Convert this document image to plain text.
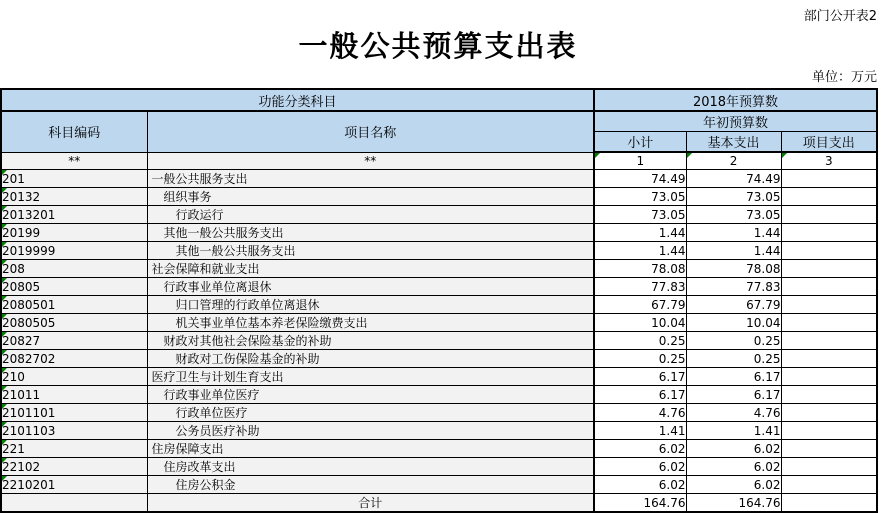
部门公开表2
一般公共预算支出表
单位：万元
功能分类科目		2018年预算数		
科目编码	项目名称	年初预算数		
		小计	基本支出	项目支出
**	**	1	2	3

201	一般公共服务支出	74.49	74.49	

20132	组织事务	73.05	73.05	

2013201	行政运行	73.05	73.05	

20199	其他一般公共服务支出	1.44	1.44	

2019999	其他一般公共服务支出	1.44	1.44	

208	社会保障和就业支出	78.08	78.08	

20805	行政事业单位离退休	77.83	77.83	

2080501	归口管理的行政单位离退休	67.79	67.79	

2080505	机关事业单位基本养老保险缴费支出	10.04	10.04	

20827	财政对其他社会保险基金的补助	0.25	0.25	

2082702	财政对工伤保险基金的补助	0.25	0.25	

210	医疗卫生与计划生育支出	6.17	6.17	

21011	行政事业单位医疗	6.17	6.17	

2101101	行政单位医疗	4.76	4.76	

2101103	公务员医疗补助	1.41	1.41	

221	住房保障支出	6.02	6.02	

22102	住房改革支出	6.02	6.02	

2210201	住房公积金	6.02	6.02	
	合计	164.76	164.76	
